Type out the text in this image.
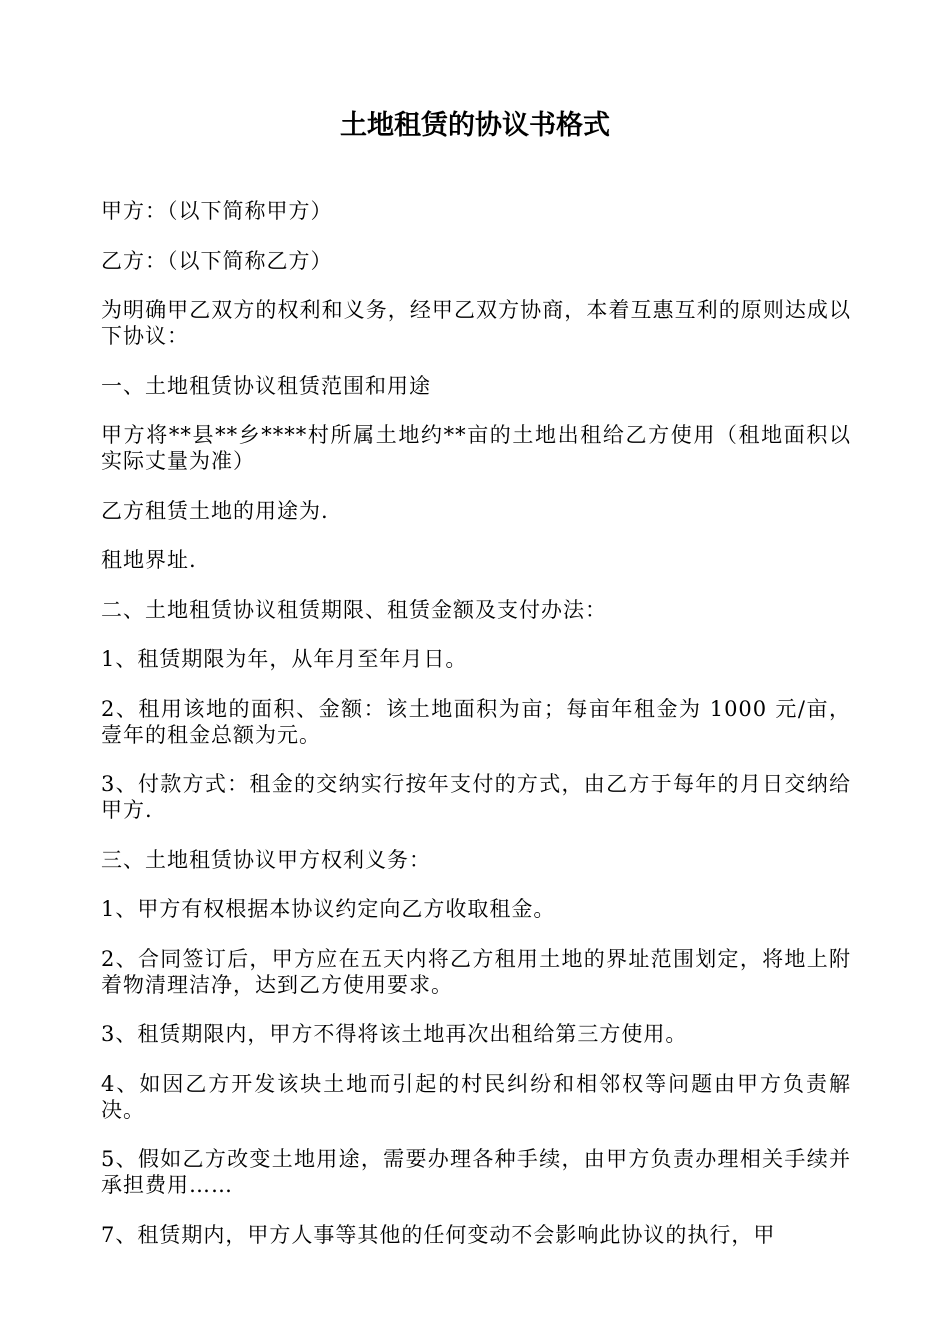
土地租赁的协议书格式

甲方：（以下简称甲方）

乙方：（以下简称乙方）

为明确甲乙双方的权利和义务，经甲乙双方协商，本着互惠互利的原则达成以下协议：

一、土地租赁协议租赁范围和用途

甲方将**县**乡****村所属土地约**亩的土地出租给乙方使用（租地面积以实际丈量为准）

乙方租赁土地的用途为.

租地界址.

二、土地租赁协议租赁期限、租赁金额及支付办法：

1、租赁期限为年，从年月至年月日。

2、租用该地的面积、金额：该土地面积为亩；每亩年租金为 1000 元/亩，壹年的租金总额为元。

3、付款方式：租金的交纳实行按年支付的方式，由乙方于每年的月日交纳给甲方.

三、土地租赁协议甲方权利义务：

1、甲方有权根据本协议约定向乙方收取租金。

2、合同签订后，甲方应在五天内将乙方租用土地的界址范围划定，将地上附着物清理洁净，达到乙方使用要求。

3、租赁期限内，甲方不得将该土地再次出租给第三方使用。

4、如因乙方开发该块土地而引起的村民纠纷和相邻权等问题由甲方负责解决。

5、假如乙方改变土地用途，需要办理各种手续，由甲方负责办理相关手续并承担费用……

7、租赁期内，甲方人事等其他的任何变动不会影响此协议的执行，甲
